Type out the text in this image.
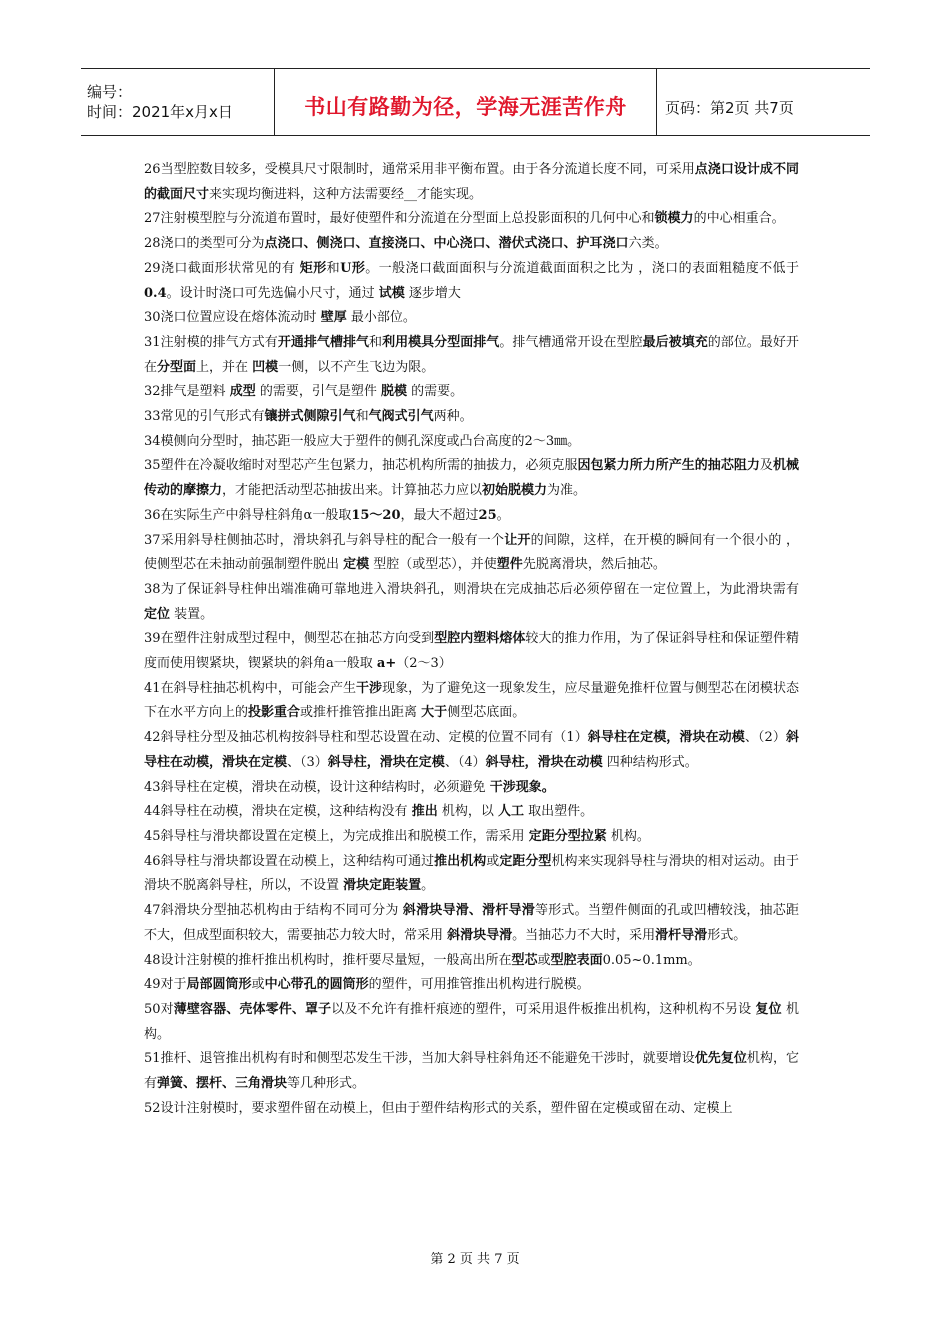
编号：
时间：2021年x月x日	书山有路勤为径，学海无涯苦作舟	页码：第2页 共7页

26当型腔数目较多，受模具尺寸限制时，通常采用非平衡布置。由于各分流道长度不同，可采用点浇口设计成不同的截面尺寸来实现均衡进料，这种方法需要经__才能实现。

27注射模型腔与分流道布置时，最好使塑件和分流道在分型面上总投影面积的几何中心和锁模力的中心相重合。

28浇口的类型可分为点浇口、侧浇口、直接浇口、中心浇口、潜伏式浇口、护耳浇口六类。

29浇口截面形状常见的有 矩形和U形。一般浇口截面面积与分流道截面面积之比为 ，浇口的表面粗糙度不低于0.4。设计时浇口可先选偏小尺寸，通过 试模 逐步增大

30浇口位置应设在熔体流动时 壁厚 最小部位。

31注射模的排气方式有开通排气槽排气和利用模具分型面排气。排气槽通常开设在型腔最后被填充的部位。最好开在分型面上，并在 凹模一侧，以不产生飞边为限。

32排气是塑料 成型 的需要，引气是塑件 脱模 的需要。

33常见的引气形式有镶拼式侧隙引气和气阀式引气两种。

34模侧向分型时，抽芯距一般应大于塑件的侧孔深度或凸台高度的2～3㎜。

35塑件在冷凝收缩时对型芯产生包紧力，抽芯机构所需的抽拔力，必须克服因包紧力所力所产生的抽芯阻力及机械传动的摩擦力，才能把活动型芯抽拔出来。计算抽芯力应以初始脱模力为准。

36在实际生产中斜导柱斜角α一般取15～20，最大不超过25。

37采用斜导柱侧抽芯时，滑块斜孔与斜导柱的配合一般有一个让开的间隙，这样，在开模的瞬间有一个很小的 ，使侧型芯在未抽动前强制塑件脱出 定模 型腔（或型芯），并使塑件先脱离滑块，然后抽芯。

38为了保证斜导柱伸出端准确可靠地进入滑块斜孔，则滑块在完成抽芯后必须停留在一定位置上，为此滑块需有 定位 装置。

39在塑件注射成型过程中，侧型芯在抽芯方向受到型腔内塑料熔体较大的推力作用，为了保证斜导柱和保证塑件精度而使用锲紧块，锲紧块的斜角a一般取 a+（2～3）

41在斜导柱抽芯机构中，可能会产生干涉现象，为了避免这一现象发生，应尽量避免推杆位置与侧型芯在闭模状态下在水平方向上的投影重合或推杆推管推出距离 大于侧型芯底面。

42斜导柱分型及抽芯机构按斜导柱和型芯设置在动、定模的位置不同有（1）斜导柱在定模，滑块在动模、（2）斜导柱在动模，滑块在定模、（3）斜导柱，滑块在定模、（4）斜导柱，滑块在动模 四种结构形式。

43斜导柱在定模，滑块在动模，设计这种结构时，必须避免 干涉现象。

44斜导柱在动模，滑块在定模，这种结构没有 推出 机构，以 人工 取出塑件。

45斜导柱与滑块都设置在定模上，为完成推出和脱模工作，需采用 定距分型拉紧 机构。

46斜导柱与滑块都设置在动模上，这种结构可通过推出机构或定距分型机构来实现斜导柱与滑块的相对运动。由于滑块不脱离斜导柱，所以，不设置 滑块定距装置。

47斜滑块分型抽芯机构由于结构不同可分为 斜滑块导滑、滑杆导滑等形式。当塑件侧面的孔或凹槽较浅，抽芯距不大，但成型面积较大，需要抽芯力较大时，常采用 斜滑块导滑。当抽芯力不大时，采用滑杆导滑形式。

48设计注射模的推杆推出机构时，推杆要尽量短，一般高出所在型芯或型腔表面0.05~0.1mm。

49对于局部圆筒形或中心带孔的圆筒形的塑件，可用推管推出机构进行脱模。

50对薄壁容器、壳体零件、罩子以及不允许有推杆痕迹的塑件，可采用退件板推出机构，这种机构不另设 复位 机构。

51推杆、退管推出机构有时和侧型芯发生干涉，当加大斜导柱斜角还不能避免干涉时，就要增设优先复位机构，它有弹簧、摆杆、三角滑块等几种形式。

52设计注射模时，要求塑件留在动模上，但由于塑件结构形式的关系，塑件留在定模或留在动、定模上

第 2 页 共 7 页
